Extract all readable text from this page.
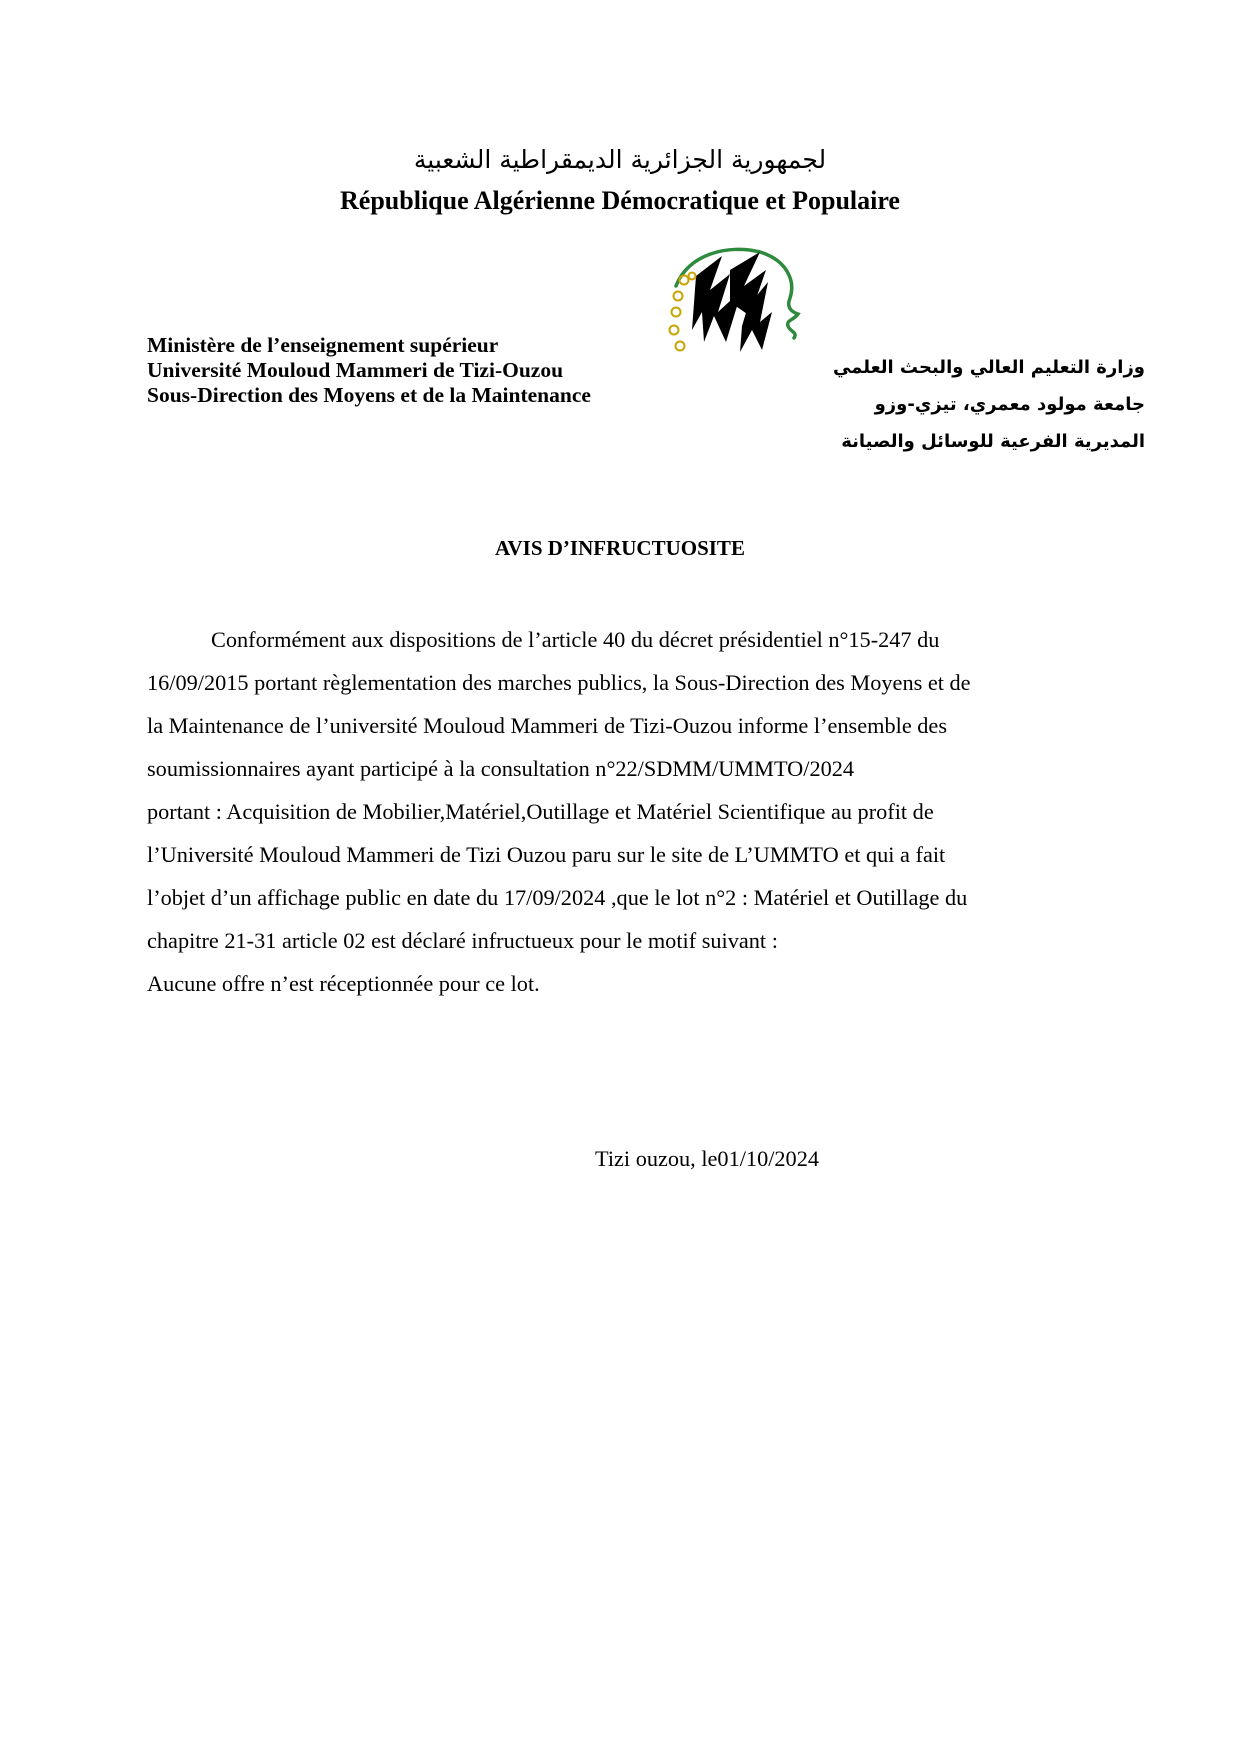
لجمهورية الجزائرية الديمقراطية الشعبية
République Algérienne Démocratique et Populaire
Ministère de l’enseignement supérieur
Université Mouloud Mammeri de Tizi-Ouzou
Sous-Direction des Moyens et de la Maintenance
وزارة التعليم العالي والبحث العلمي
جامعة مولود معمري، تيزي-وزو
المديرية الفرعية للوسائل والصيانة
AVIS D’INFRUCTUOSITE
Conformément aux dispositions de l’article 40 du décret présidentiel n°15-247 du
16/09/2015 portant règlementation des marches publics, la Sous-Direction des Moyens et de
la Maintenance de l’université Mouloud Mammeri de Tizi-Ouzou informe l’ensemble des
soumissionnaires ayant participé à la consultation n°22/SDMM/UMMTO/2024
portant : Acquisition de Mobilier,Matériel,Outillage et Matériel Scientifique au profit de
l’Université Mouloud Mammeri de Tizi Ouzou paru sur le site de L’UMMTO et qui a fait
l’objet d’un affichage public en date du 17/09/2024 ,que le lot n°2 : Matériel et Outillage du
chapitre 21-31 article 02 est déclaré infructueux pour le motif suivant :
Aucune offre n’est réceptionnée pour ce lot.
Tizi ouzou, le01/10/2024
